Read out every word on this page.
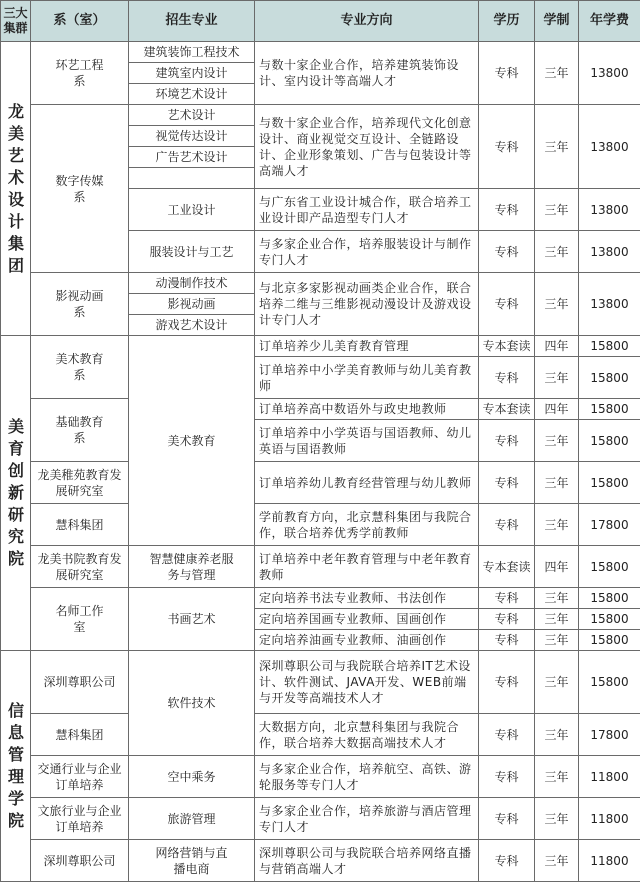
三大集群	系（室）	招生专业	专业方向	学历	学制	年学费
龙美艺术设计集团	环艺工程系	建筑装饰工程技术	与数十家企业合作，培养建筑装饰设计、室内设计等高端人才	专科	三年	13800
		建筑室内设计				
		环境艺术设计				
	数字传媒系	艺术设计	与数十家企业合作，培养现代文化创意设计、商业视觉交互设计、全链路设计、企业形象策划、广告与包装设计等高端人才	专科	三年	13800
		视觉传达设计				
		广告艺术设计				

		工业设计	与广东省工业设计城合作，联合培养工业设计即产品造型专门人才	专科	三年	13800

		服装设计与工艺	与多家企业合作，培养服装设计与制作专门人才	专科	三年	13800
	影视动画系	动漫制作技术	与北京多家影视动画类企业合作，联合培养二维与三维影视动漫设计及游戏设计专门人才	专科	三年	13800
		影视动画				
		游戏艺术设计				
美育创新研究院	美术教育系	美术教育	订单培养少儿美育教育管理	专本套读	四年	15800
			订单培养中小学美育教师与幼儿美育教师	专科	三年	15800

	基础教育系		订单培养高中数语外与政史地教师	专本套读	四年	15800
			订单培养中小学英语与国语教师、幼儿英语与国语教师	专科	三年	15800

	龙美稚苑教育发展研究室		订单培养幼儿教育经营管理与幼儿教师	专科	三年	15800

	慧科集团		学前教育方向，北京慧科集团与我院合作，联合培养优秀学前教师	专科	三年	17800

	龙美书院教育发展研究室	智慧健康养老服务与管理	订单培养中老年教育管理与中老年教育教师	专本套读	四年	15800

	名师工作室	书画艺术	定向培养书法专业教师、书法创作	专科	三年	15800
			定向培养国画专业教师、国画创作	专科	三年	15800
			定向培养油画专业教师、油画创作	专科	三年	15800
信息管理学院	深圳尊职公司	软件技术	深圳尊职公司与我院联合培养IT艺术设计、软件测试、JAVA开发、WEB前端与开发等高端技术人才	专科	三年	15800

	慧科集团		大数据方向，北京慧科集团与我院合作，联合培养大数据高端技术人才	专科	三年	17800

	交通行业与企业订单培养	空中乘务	与多家企业合作，培养航空、高铁、游轮服务等专门人才	专科	三年	11800

	文旅行业与企业订单培养	旅游管理	与多家企业合作，培养旅游与酒店管理专门人才	专科	三年	11800

	深圳尊职公司	网络营销与直播电商	深圳尊职公司与我院联合培养网络直播与营销高端人才	专科	三年	11800
